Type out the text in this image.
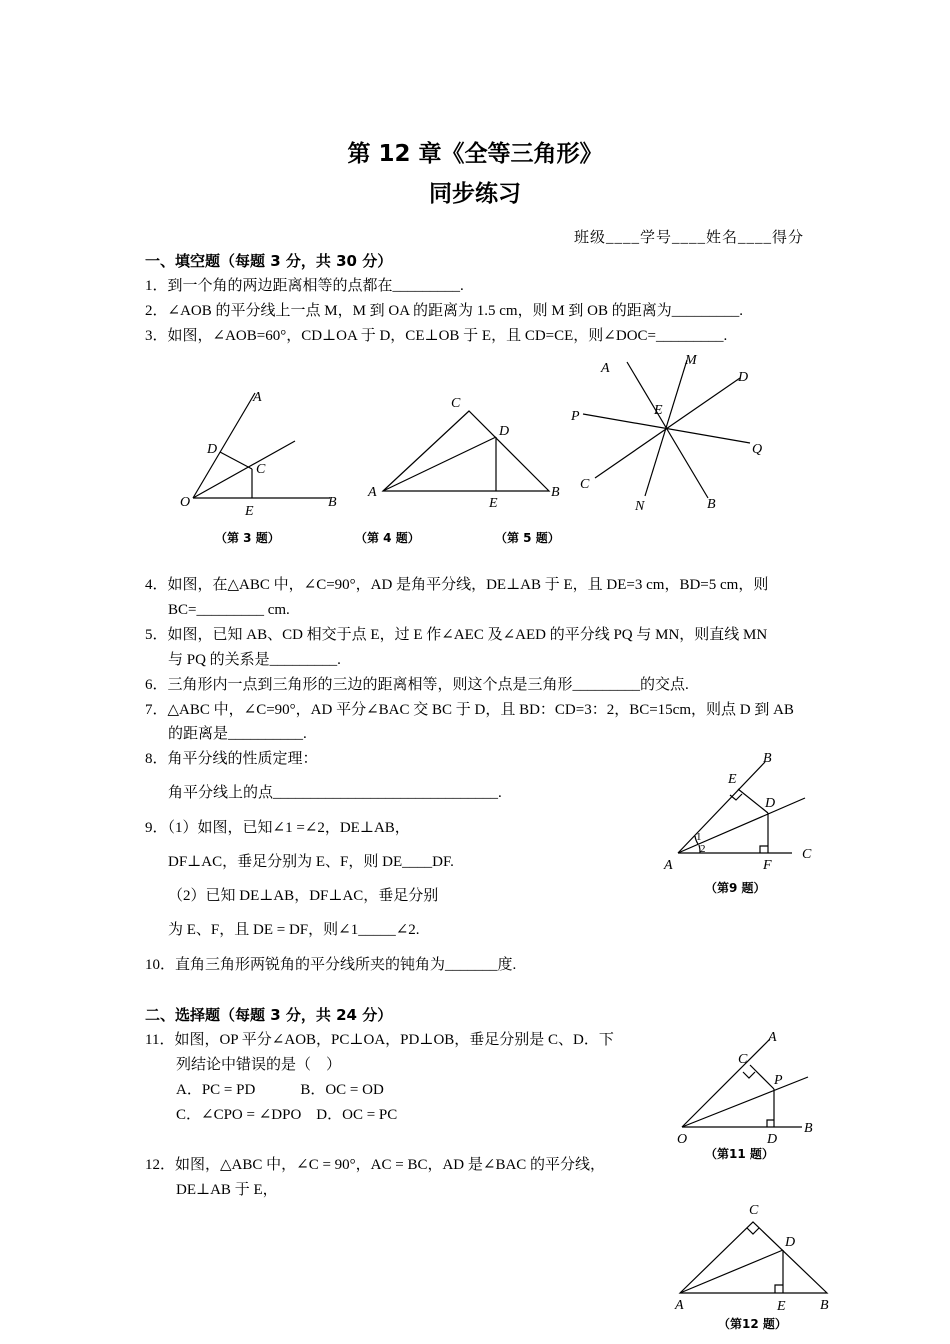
第 12 章《全等三角形》
同步练习
班级____学号____姓名____得分
一、填空题（每题 3 分，共 30 分）
1．到一个角的两边距离相等的点都在_________.
2．∠AOB 的平分线上一点 M，M 到 OA 的距离为 1.5 cm，则 M 到 OB 的距离为_________.
3．如图，∠AOB=60°，CD⊥OA 于 D，CE⊥OB 于 E，且 CD=CE，则∠DOC=_________.
A
D
C
O
E
B
（第 3 题）
C
D
A
E
B
（第 4 题）
A
M
D
P	E
Q
C
N	B
（第 5 题）
4．如图，在△ABC 中，∠C=90°，AD 是角平分线，DE⊥AB 于 E，且 DE=3 cm，BD=5 cm，则
BC=_________ cm.
5．如图，已知 AB、CD 相交于点 E，过 E 作∠AEC 及∠AED 的平分线 PQ 与 MN，则直线 MN
与 PQ 的关系是_________.
6．三角形内一点到三角形的三边的距离相等，则这个点是三角形_________的交点.
7．△ABC 中，∠C=90°，AD 平分∠BAC 交 BC 于 D，且 BD：CD=3：2，BC=15cm，则点 D 到 AB
的距离是__________.
8．角平分线的性质定理：
角平分线上的点______________________________.
9．（1）如图，已知∠1 =∠2，DE⊥AB，
DF⊥AC，垂足分别为 E、F，则 DE____DF.
（2）已知 DE⊥AB，DF⊥AC，垂足分别
为 E、F，且 DE = DF，则∠1_____∠2.
10．直角三角形两锐角的平分线所夹的钝角为_______度.
B
E
D
1
2
A	F
C
（第9 题）
二、选择题（每题 3 分，共 24 分）
11．如图，OP 平分∠AOB，PC⊥OA，PD⊥OB，垂足分别是 C、D．下
列结论中错误的是（　）
A．PC = PD　　　B．OC = OD
C．∠CPO = ∠DPO　D．OC = PC
12．如图，△ABC 中，∠C = 90°，AC = BC，AD 是∠BAC 的平分线，
DE⊥AB 于 E，
A
C
P
O	D
B
（第11 题）
C
D
A	E B
（第12 题）
